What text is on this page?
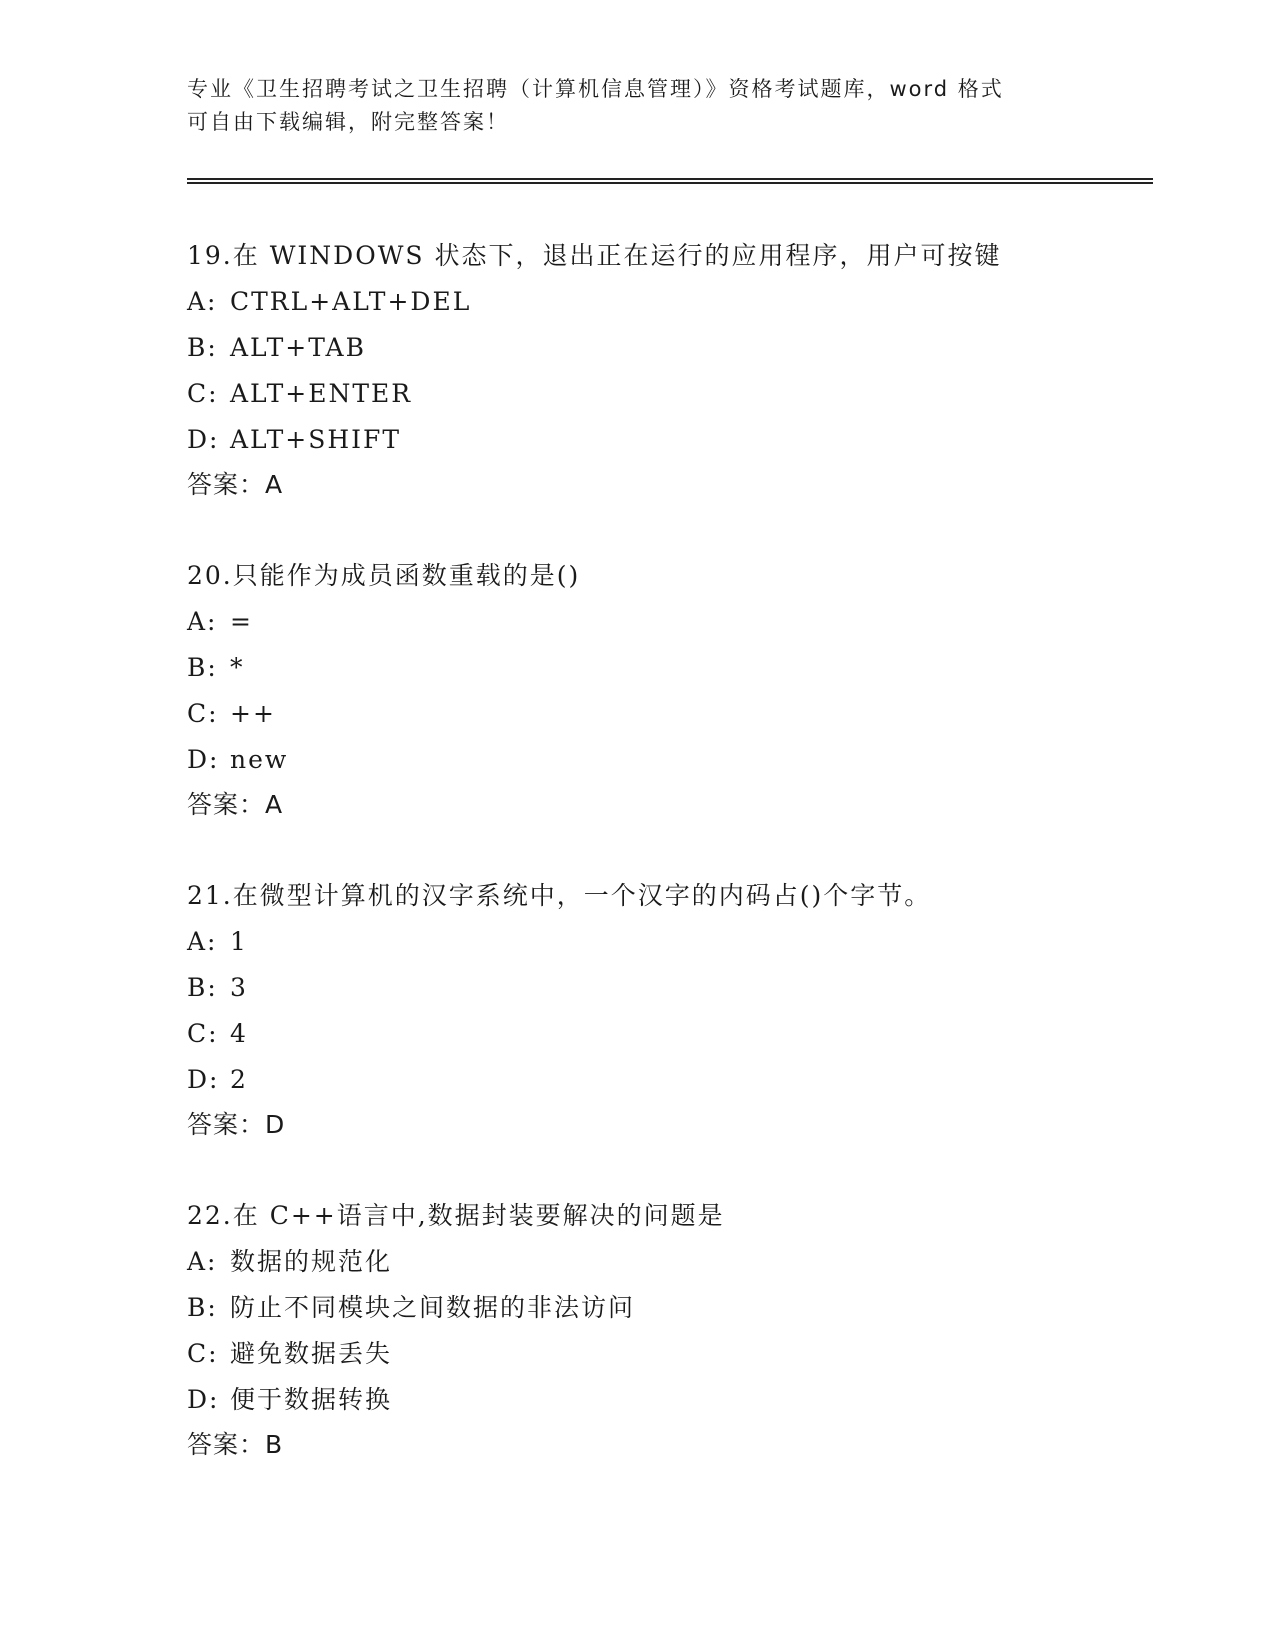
专业《卫生招聘考试之卫生招聘（计算机信息管理）》资格考试题库，word 格式
可自由下载编辑，附完整答案！
19.在 WINDOWS 状态下，退出正在运行的应用程序，用户可按键
A: CTRL+ALT+DEL
B: ALT+TAB
C: ALT+ENTER
D: ALT+SHIFT
答案：A
20.只能作为成员函数重载的是()
A: =
B: *
C: ++
D: new
答案：A
21.在微型计算机的汉字系统中，一个汉字的内码占()个字节。
A: 1
B: 3
C: 4
D: 2
答案：D
22.在 C++语言中,数据封装要解决的问题是
A: 数据的规范化
B: 防止不同模块之间数据的非法访问
C: 避免数据丢失
D: 便于数据转换
答案：B
